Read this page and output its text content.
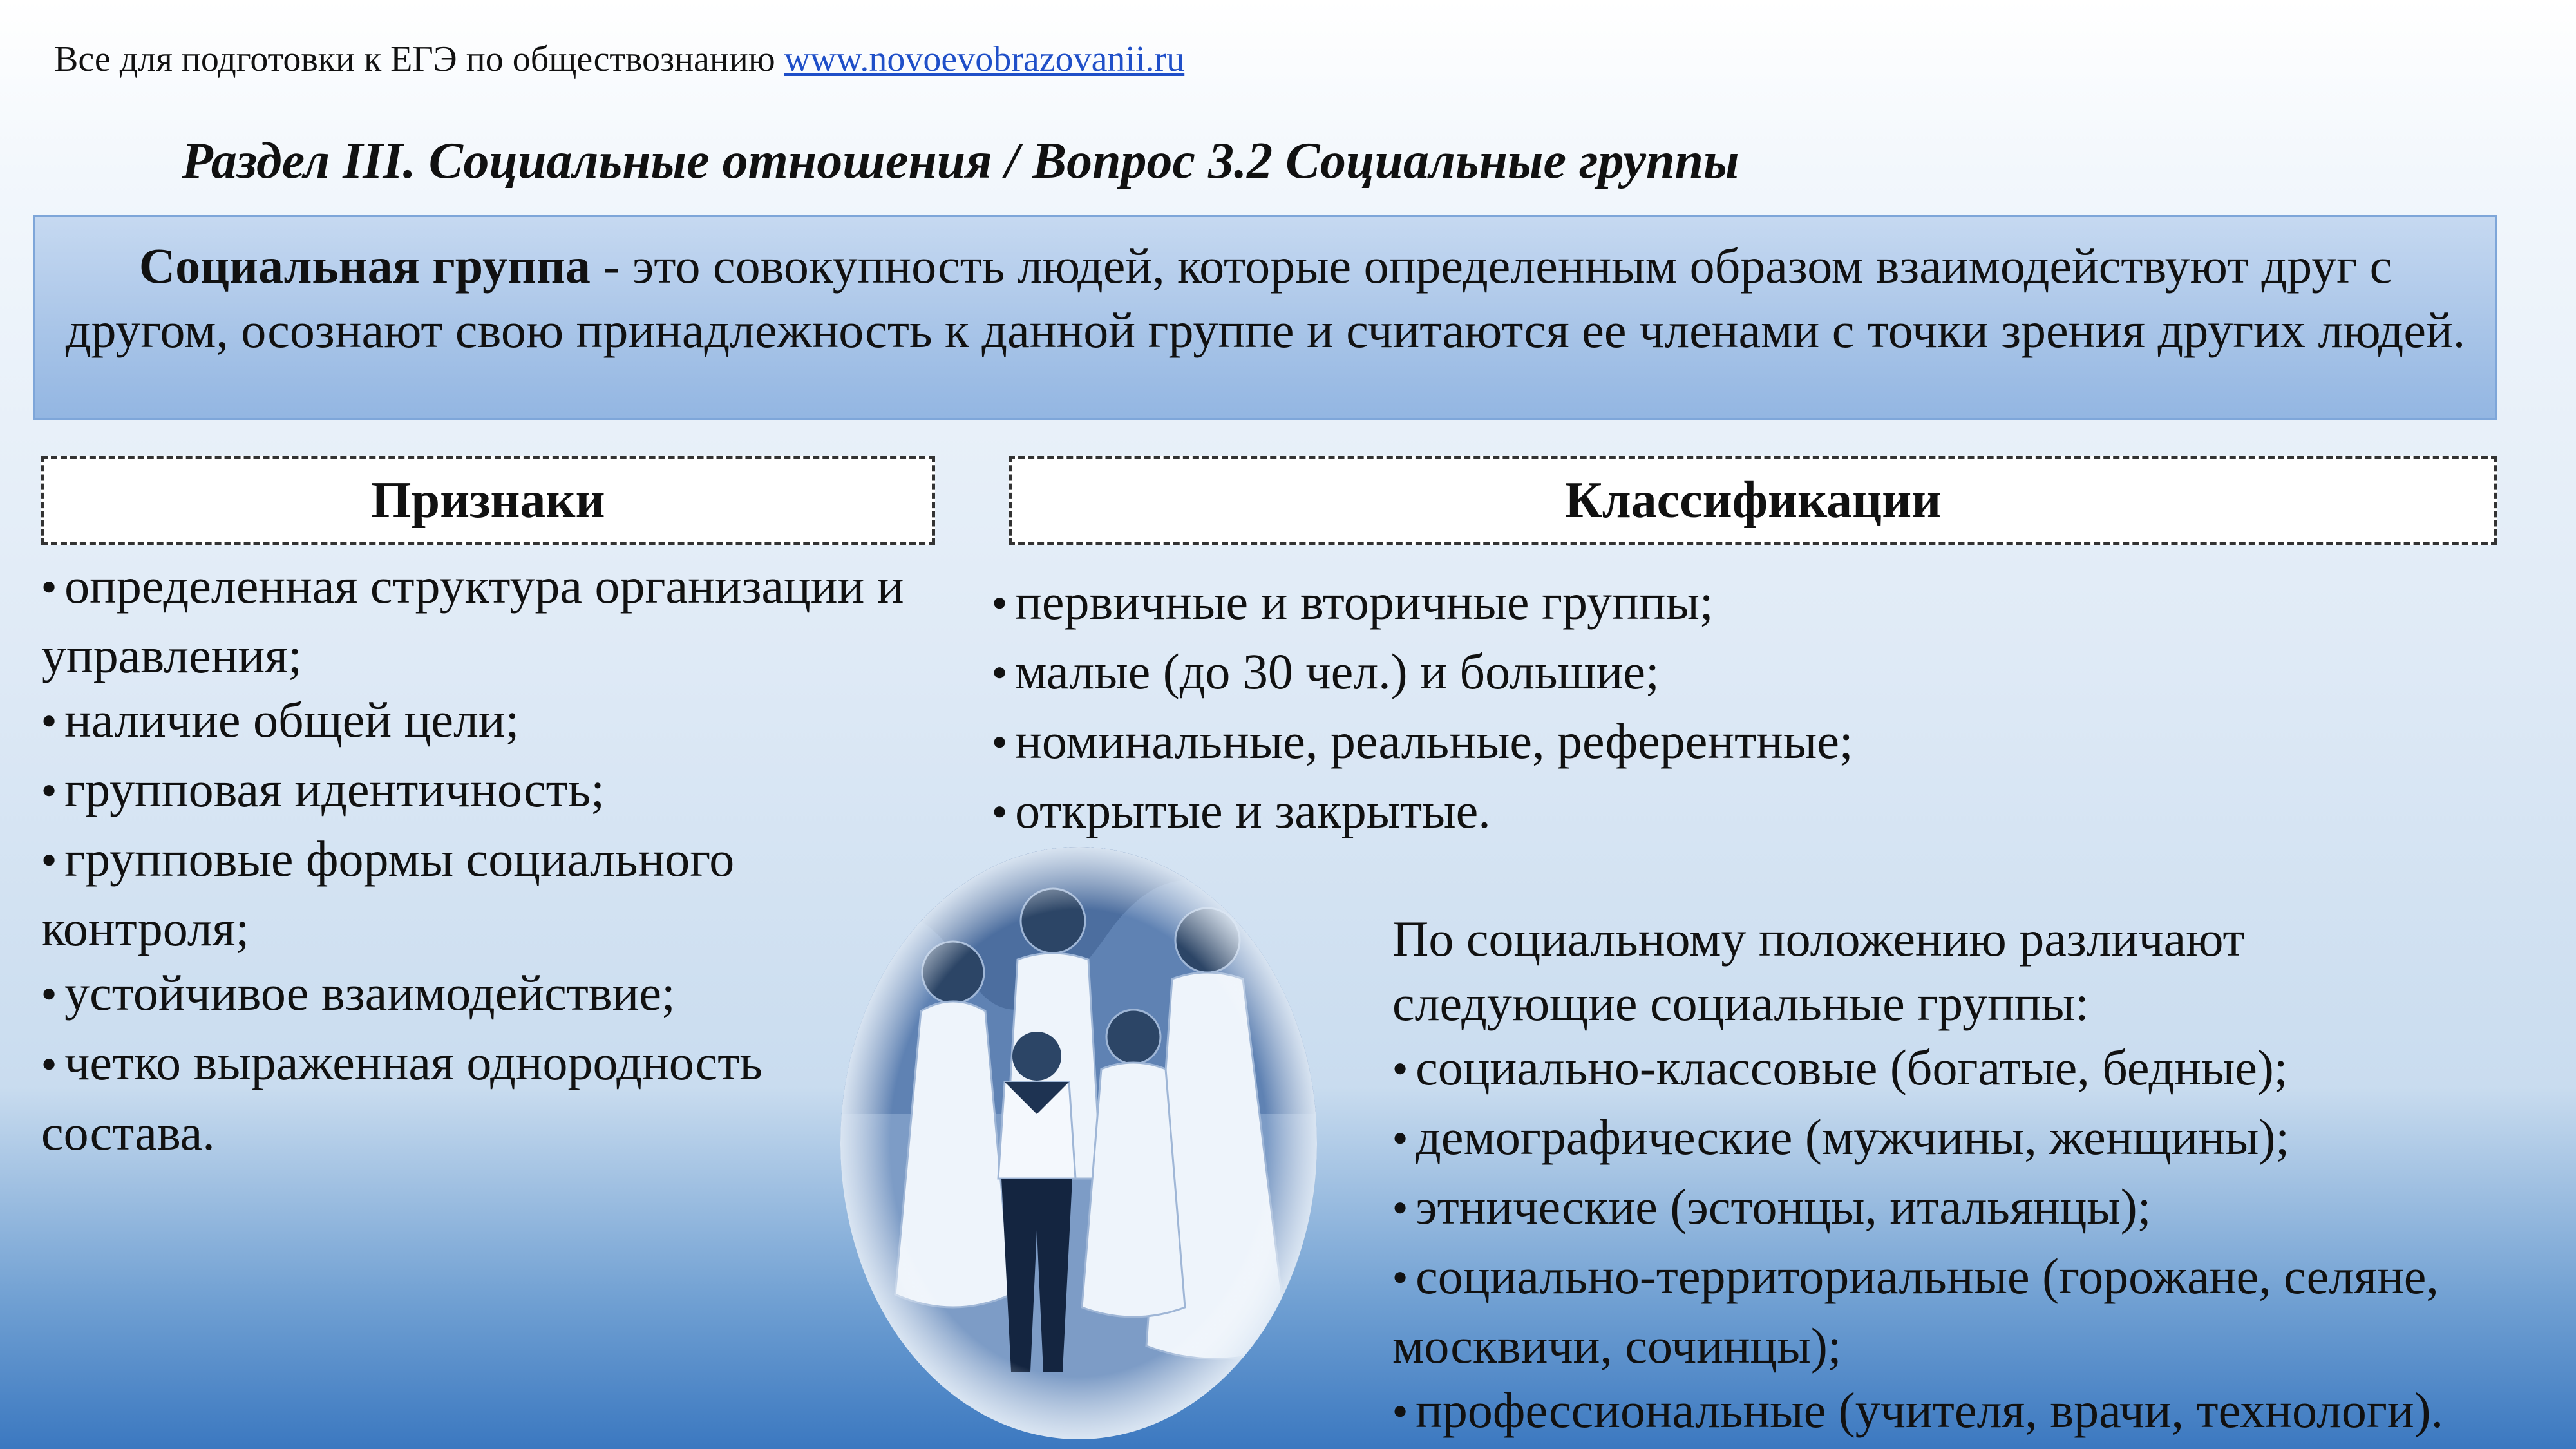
Все для подготовки к ЕГЭ по обществознанию www.novoevobrazovanii.ru
Раздел III. Социальные отношения / Вопрос 3.2 Социальные группы
Социальная группа - это совокупность людей, которые определенным образом взаимодействуют друг с другом, осознают свою принадлежность к данной группе и считаются ее членами с точки зрения других людей.
Признаки	Классификации
● определенная структура организации и управления;
● наличие общей цели;
● групповая идентичность;
● групповые формы социального контроля;
● устойчивое взаимодействие;
● четко выраженная однородность состава.
● первичные и вторичные группы;
● малые (до 30 чел.) и большие;
● номинальные, реальные, референтные;
● открытые и закрытые.
По социальному положению различают следующие социальные группы:
● социально-классовые (богатые, бедные);
● демографические (мужчины, женщины);
● этнические (эстонцы, итальянцы);
● социально-территориальные (горожане, селяне, москвичи, сочинцы);
● профессиональные (учителя, врачи, технологи).
